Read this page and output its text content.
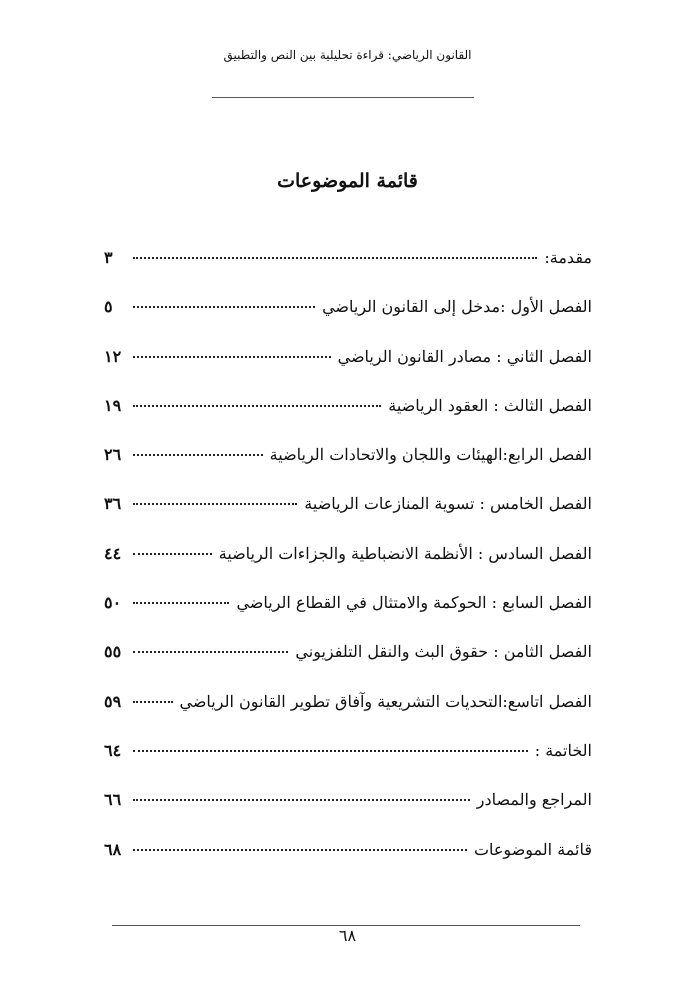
القانون الرياضي: قراءة تحليلية بين النص والتطبيق
قائمة الموضوعات
مقدمة:
٣
الفصل الأول :مدخل إلى القانون الرياضي
٥
الفصل الثاني : مصادر القانون الرياضي
١٢
الفصل الثالث : العقود الرياضية
١٩
الفصل الرابع:الهيئات واللجان والاتحادات الرياضية
٢٦
الفصل الخامس : تسوية المنازعات الرياضية
٣٦
الفصل السادس : الأنظمة الانضباطية والجزاءات الرياضية
٤٤
الفصل السابع : الحوكمة والامتثال في القطاع الرياضي
٥٠
الفصل الثامن : حقوق البث والنقل التلفزيوني
٥٥
الفصل اتاسع:التحديات التشريعية وآفاق تطوير القانون الرياضي
٥٩
الخاتمة :
٦٤
المراجع والمصادر
٦٦
قائمة الموضوعات
٦٨
٦٨
